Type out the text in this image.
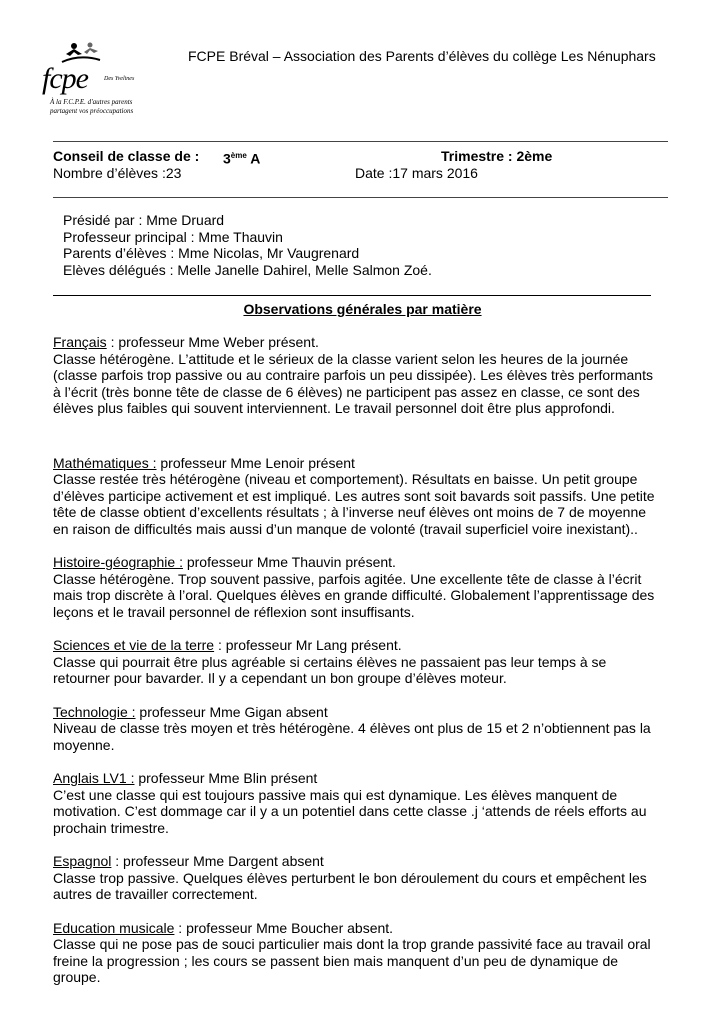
fcpe	Des Yvelines
À la F.C.P.E. d'autres parents
partagent vos préoccupations
FCPE Bréval – Association des Parents d’élèves du collège Les Nénuphars
Conseil de classe de : 3ème A	Trimestre : 2ème
Nombre d’élèves :23	Date :17 mars 2016
Présidé par : Mme Druard
Professeur principal : Mme Thauvin
Parents d’élèves : Mme Nicolas, Mr Vaugrenard
Elèves délégués : Melle Janelle Dahirel, Melle Salmon Zoé.
Observations générales par matière

Français : professeur Mme Weber présent.

Classe hétérogène. L’attitude et le sérieux de la classe varient selon les heures de la journée

(classe parfois trop passive ou au contraire parfois un peu dissipée). Les élèves très performants

à l’écrit (très bonne tête de classe de 6 élèves) ne participent pas assez en classe, ce sont des

élèves plus faibles qui souvent interviennent. Le travail personnel doit être plus approfondi.

Mathématiques : professeur Mme Lenoir présent

Classe restée très hétérogène (niveau et comportement). Résultats en baisse. Un petit groupe

d’élèves participe activement et est impliqué. Les autres sont soit bavards soit passifs. Une petite

tête de classe obtient d’excellents résultats ; à l’inverse neuf élèves ont moins de 7 de moyenne

en raison de difficultés mais aussi d’un manque de volonté (travail superficiel voire inexistant)..

Histoire-géographie : professeur Mme Thauvin présent.

Classe hétérogène. Trop souvent passive, parfois agitée. Une excellente tête de classe à l’écrit

mais trop discrète à l’oral. Quelques élèves en grande difficulté. Globalement l’apprentissage des

leçons et le travail personnel de réflexion sont insuffisants.

Sciences et vie de la terre : professeur Mr Lang présent.

Classe qui pourrait être plus agréable si certains élèves ne passaient pas leur temps à se

retourner pour bavarder. Il y a cependant un bon groupe d’élèves moteur.

Technologie : professeur Mme Gigan absent

Niveau de classe très moyen et très hétérogène. 4 élèves ont plus de 15 et 2 n’obtiennent pas la

moyenne.

Anglais LV1 : professeur Mme Blin présent

C’est une classe qui est toujours passive mais qui est dynamique. Les élèves manquent de

motivation. C’est dommage car il y a un potentiel dans cette classe .j ‘attends de réels efforts au

prochain trimestre.

Espagnol : professeur Mme Dargent absent

Classe trop passive. Quelques élèves perturbent le bon déroulement du cours et empêchent les

autres de travailler correctement.

Education musicale : professeur Mme Boucher absent.

Classe qui ne pose pas de souci particulier mais dont la trop grande passivité face au travail oral

freine la progression ; les cours se passent bien mais manquent d’un peu de dynamique de

groupe.
